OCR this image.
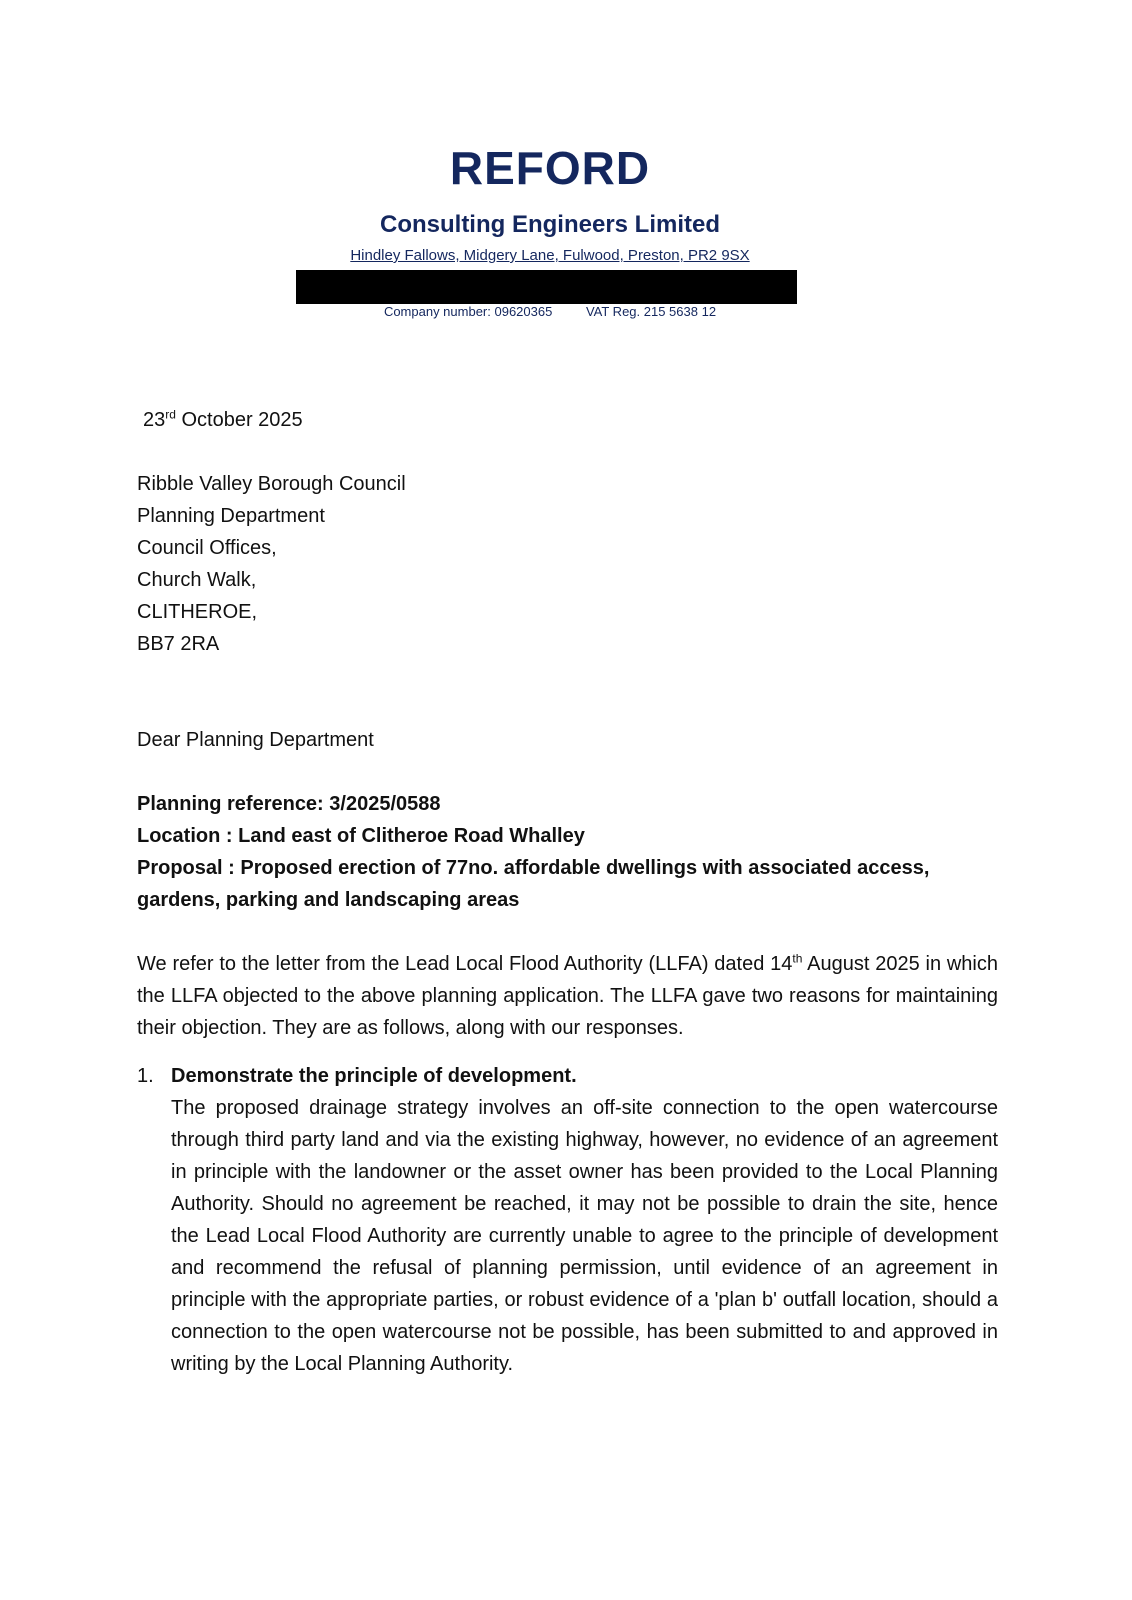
REFORD
Consulting Engineers Limited
Hindley Fallows, Midgery Lane, Fulwood, Preston, PR2 9SX
Company number: 09620365	VAT Reg. 215 5638 12
23rd October 2025
Ribble Valley Borough Council
Planning Department
Council Offices,
Church Walk,
CLITHEROE,
BB7 2RA
Dear Planning Department
Planning reference: 3/2025/0588
Location : Land east of Clitheroe Road Whalley
Proposal : Proposed erection of 77no. affordable dwellings with associated access, gardens, parking and landscaping areas
We refer to the letter from the Lead Local Flood Authority (LLFA) dated 14th August 2025 in which the LLFA objected to the above planning application. The LLFA gave two reasons for maintaining their objection. They are as follows, along with our responses.
1. Demonstrate the principle of development.
The proposed drainage strategy involves an off-site connection to the open watercourse through third party land and via the existing highway, however, no evidence of an agreement in principle with the landowner or the asset owner has been provided to the Local Planning Authority. Should no agreement be reached, it may not be possible to drain the site, hence the Lead Local Flood Authority are currently unable to agree to the principle of development and recommend the refusal of planning permission, until evidence of an agreement in principle with the appropriate parties, or robust evidence of a 'plan b' outfall location, should a connection to the open watercourse not be possible, has been submitted to and approved in writing by the Local Planning Authority.
